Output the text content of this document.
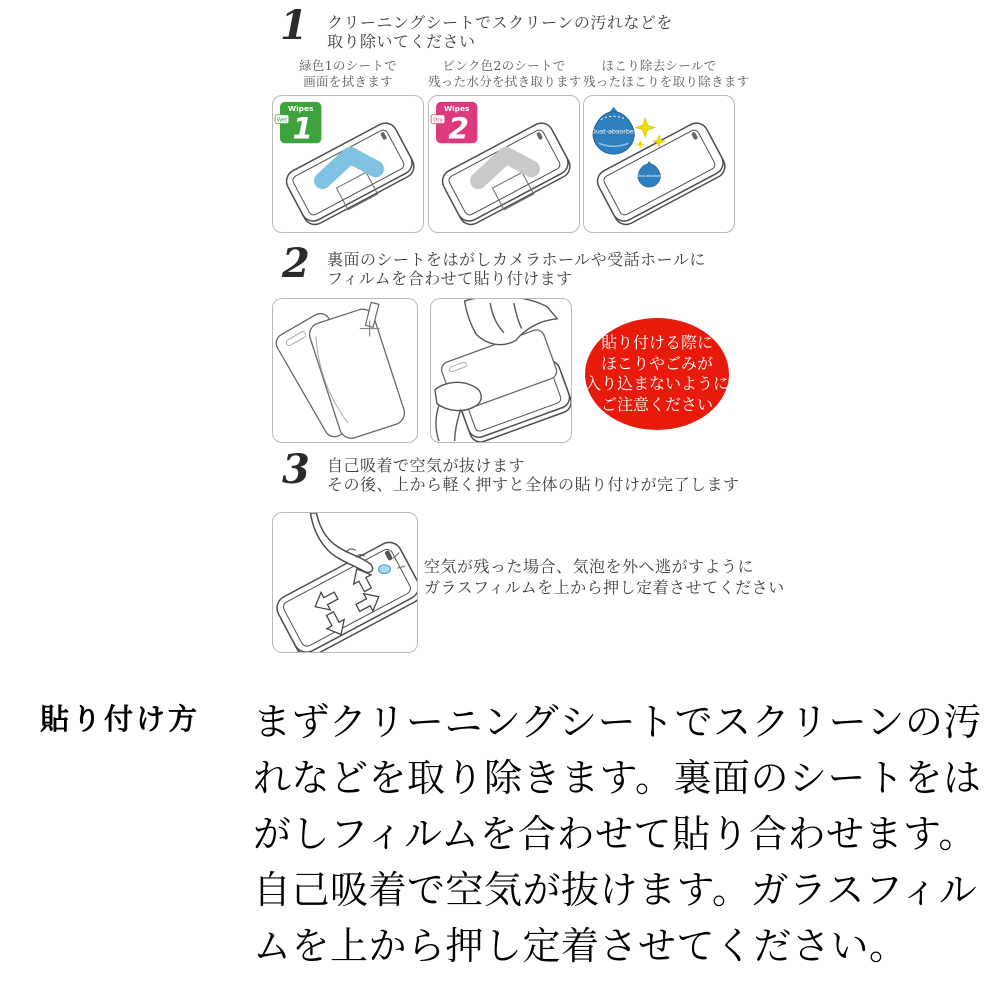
1 クリーニングシートでスクリーンの汚れなどを
取り除いてください
緑色1のシートで
画面を拭きます
ピンク色2のシートで
残った水分を拭き取ります
ほこり除去シールで
残ったほこりを取り除きます
Wipes
Wet 1
Wipes
Dry 2	Dust-absorber
Dust-absorber
2 裏面のシートをはがしカメラホールや受話ホールに
フィルムを合わせて貼り付けます
貼り付ける際に
ほこりやごみが
入り込まないように
ご注意ください
3 自己吸着で空気が抜けます
その後、上から軽く押すと全体の貼り付けが完了します
空気が残った場合、気泡を外へ逃がすように
ガラスフィルムを上から押し定着させてください
貼り付け方 まずクリーニングシートでスクリーンの汚
れなどを取り除きます。裏面のシートをは
がしフィルムを合わせて貼り合わせます。
自己吸着で空気が抜けます。ガラスフィル
ムを上から押し定着させてください。
